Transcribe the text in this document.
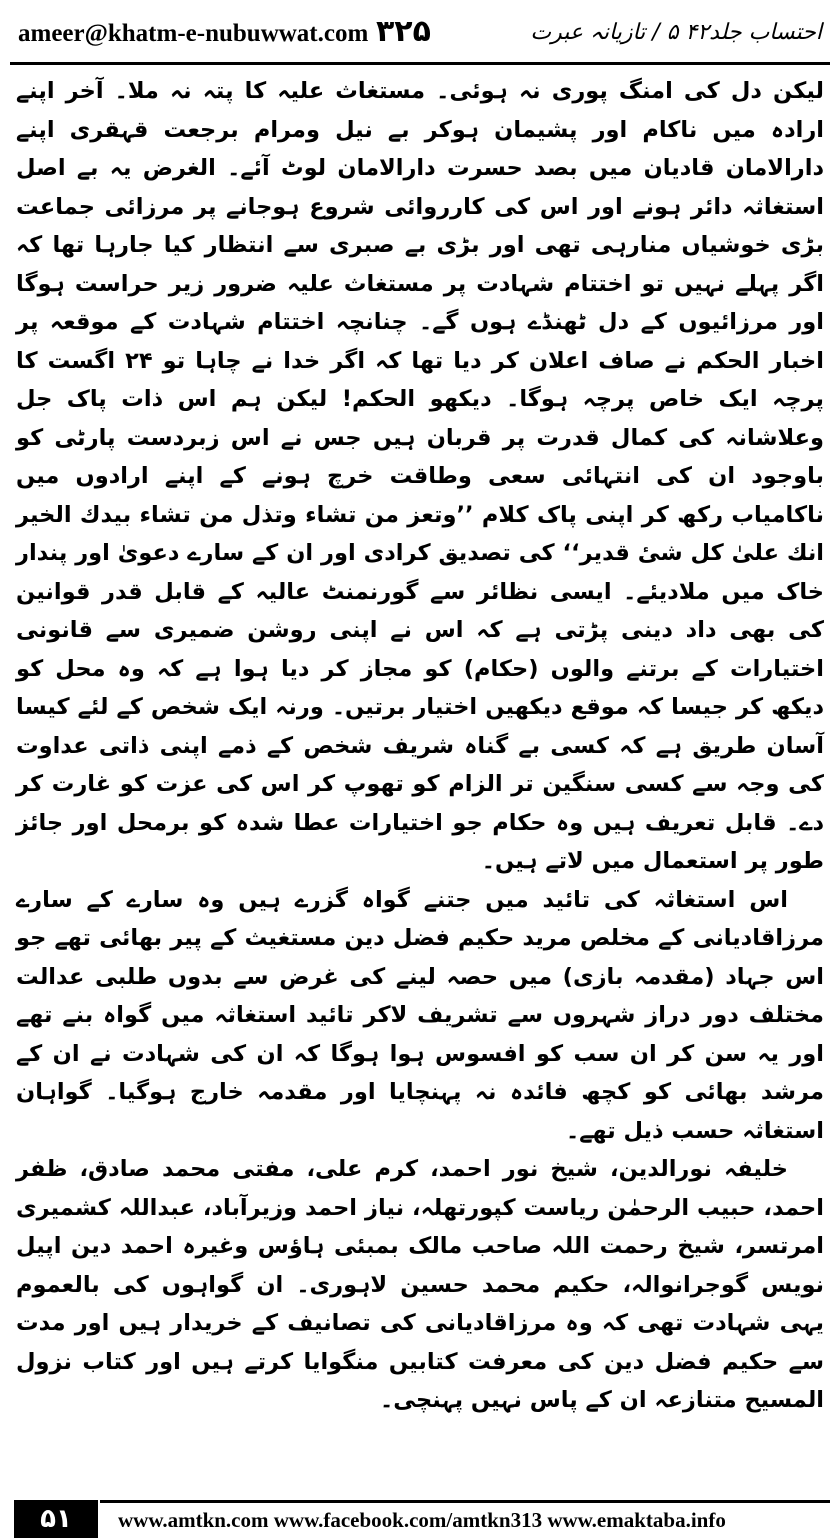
ameer@khatm-e-nubuwwat.com ۳۲۵	احتساب جلد۴۲ ۵ / تازیانہ عبرت

لیکن دل کی امنگ پوری نہ ہوئی۔ مستغاث علیہ کا پتہ نہ ملا۔ آخر اپنے ارادہ میں ناکام اور پشیمان ہوکر بے نیل ومرام برجعت قہقری اپنے دارالامان قادیان میں بصد حسرت دارالامان لوٹ آئے۔ الغرض یہ بے اصل استغاثہ دائر ہونے اور اس کی کارروائی شروع ہوجانے پر مرزائی جماعت بڑی خوشیاں منارہی تھی اور بڑی بے صبری سے انتظار کیا جارہا تھا کہ اگر پہلے نہیں تو اختتام شہادت پر مستغاث علیہ ضرور زیر حراست ہوگا اور مرزائیوں کے دل ٹھنڈے ہوں گے۔ چنانچہ اختتام شہادت کے موقعہ پر اخبار الحکم نے صاف اعلان کر دیا تھا کہ اگر خدا نے چاہا تو ۲۴ اگست کا پرچہ ایک خاص پرچہ ہوگا۔ دیکھو الحکم! لیکن ہم اس ذات پاک جل وعلاشانہ کی کمال قدرت پر قربان ہیں جس نے اس زبردست پارٹی کو باوجود ان کی انتہائی سعی وطاقت خرچ ہونے کے اپنے ارادوں میں ناکامیاب رکھ کر اپنی پاک کلام ’’وتعز من تشاء وتذل من تشاء بیدك الخیر انك علیٰ کل شیٔ قدیر‘‘ کی تصدیق کرادی اور ان کے سارے دعویٰ اور پندار خاک میں ملادیئے۔ ایسی نظائر سے گورنمنٹ عالیہ کے قابل قدر قوانین کی بھی داد دینی پڑتی ہے کہ اس نے اپنی روشن ضمیری سے قانونی اختیارات کے برتنے والوں (حکام) کو مجاز کر دیا ہوا ہے کہ وہ محل کو دیکھ کر جیسا کہ موقع دیکھیں اختیار برتیں۔ ورنہ ایک شخص کے لئے کیسا آسان طریق ہے کہ کسی بے گناہ شریف شخص کے ذمے اپنی ذاتی عداوت کی وجہ سے کسی سنگین تر الزام کو تھوپ کر اس کی عزت کو غارت کر دے۔ قابل تعریف ہیں وہ حکام جو اختیارات عطا شدہ کو برمحل اور جائز طور پر استعمال میں لاتے ہیں۔

اس استغاثہ کی تائید میں جتنے گواہ گزرے ہیں وہ سارے کے سارے مرزاقادیانی کے مخلص مرید حکیم فضل دین مستغیث کے پیر بھائی تھے جو اس جہاد (مقدمہ بازی) میں حصہ لینے کی غرض سے بدوں طلبی عدالت مختلف دور دراز شہروں سے تشریف لاکر تائید استغاثہ میں گواہ بنے تھے اور یہ سن کر ان سب کو افسوس ہوا ہوگا کہ ان کی شہادت نے ان کے مرشد بھائی کو کچھ فائدہ نہ پہنچایا اور مقدمہ خارج ہوگیا۔ گواہان استغاثہ حسب ذیل تھے۔

خلیفہ نورالدین، شیخ نور احمد، کرم علی، مفتی محمد صادق، ظفر احمد، حبیب الرحمٰن ریاست کپورتھلہ، نیاز احمد وزیرآباد، عبداللہ کشمیری امرتسر، شیخ رحمت اللہ صاحب مالک بمبئی ہاؤس وغیرہ احمد دین اپیل نویس گوجرانوالہ، حکیم محمد حسین لاہوری۔ ان گواہوں کی بالعموم یہی شہادت تھی کہ وہ مرزاقادیانی کی تصانیف کے خریدار ہیں اور مدت سے حکیم فضل دین کی معرفت کتابیں منگوایا کرتے ہیں اور کتاب نزول المسیح متنازعہ ان کے پاس نہیں پہنچی۔

۵۱	www.amtkn.com www.facebook.com/amtkn313 www.emaktaba.info
